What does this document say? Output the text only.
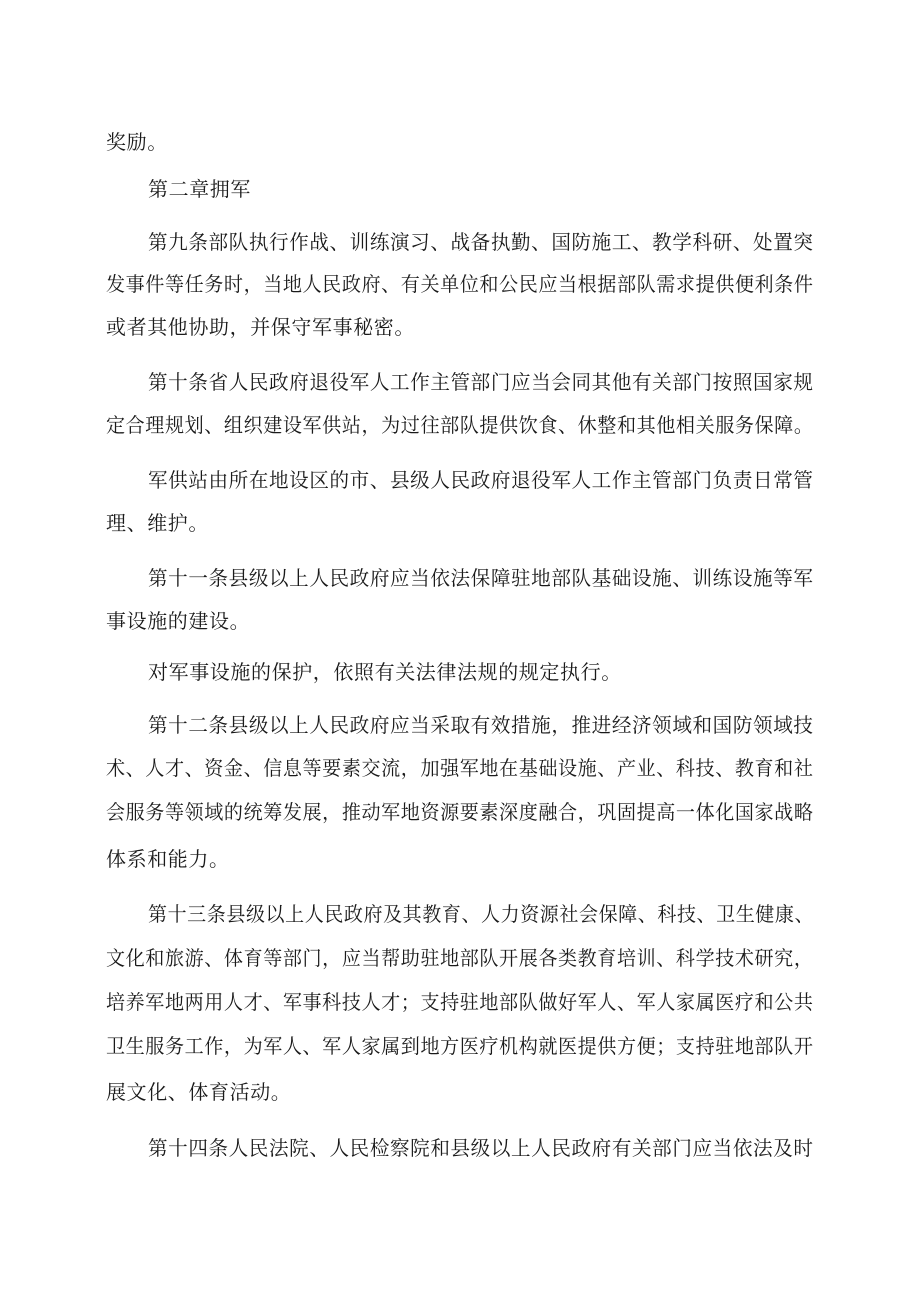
奖励。
第二章拥军
第九条部队执行作战、训练演习、战备执勤、国防施工、教学科研、处置突
发事件等任务时，当地人民政府、有关单位和公民应当根据部队需求提供便利条件
或者其他协助，并保守军事秘密。
第十条省人民政府退役军人工作主管部门应当会同其他有关部门按照国家规
定合理规划、组织建设军供站，为过往部队提供饮食、休整和其他相关服务保障。
军供站由所在地设区的市、县级人民政府退役军人工作主管部门负责日常管
理、维护。
第十一条县级以上人民政府应当依法保障驻地部队基础设施、训练设施等军
事设施的建设。
对军事设施的保护，依照有关法律法规的规定执行。
第十二条县级以上人民政府应当采取有效措施，推进经济领域和国防领域技
术、人才、资金、信息等要素交流，加强军地在基础设施、产业、科技、教育和社
会服务等领域的统筹发展，推动军地资源要素深度融合，巩固提高一体化国家战略
体系和能力。
第十三条县级以上人民政府及其教育、人力资源社会保障、科技、卫生健康、
文化和旅游、体育等部门，应当帮助驻地部队开展各类教育培训、科学技术研究，
培养军地两用人才、军事科技人才；支持驻地部队做好军人、军人家属医疗和公共
卫生服务工作，为军人、军人家属到地方医疗机构就医提供方便；支持驻地部队开
展文化、体育活动。
第十四条人民法院、人民检察院和县级以上人民政府有关部门应当依法及时
